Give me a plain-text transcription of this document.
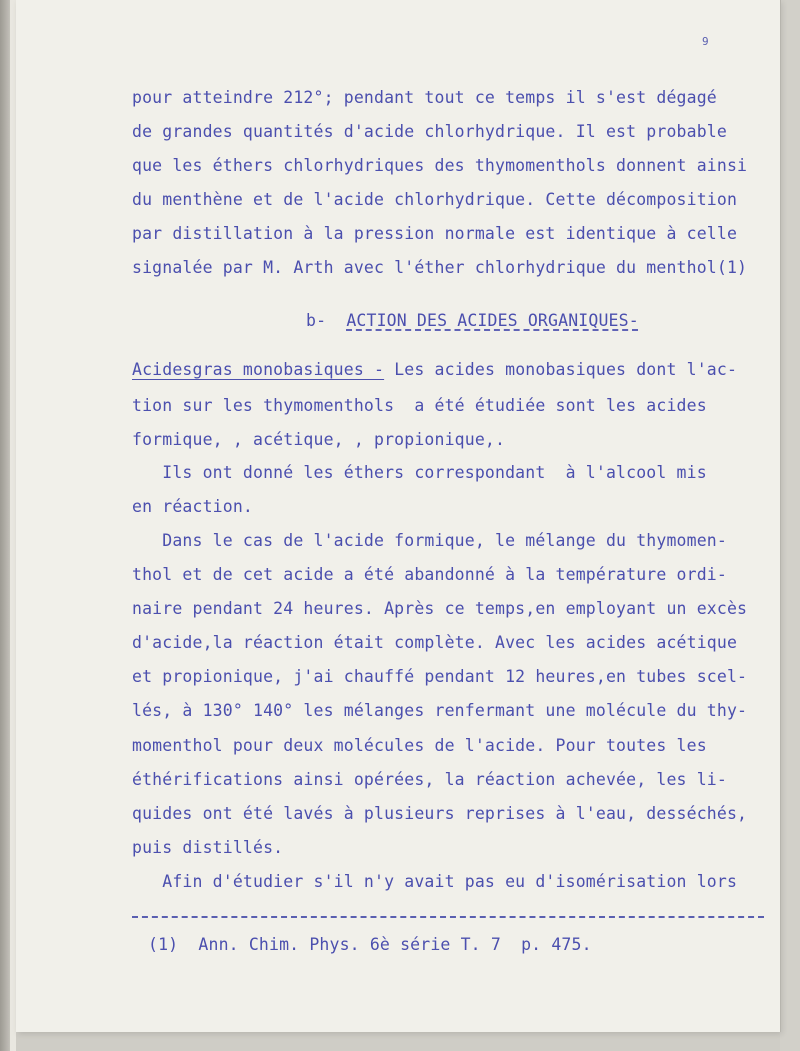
9
pour atteindre 212°; pendant tout ce temps il s'est dégagé
de grandes quantités d'acide chlorhydrique. Il est probable
que les éthers chlorhydriques des thymomenthols donnent ainsi
du menthène et de l'acide chlorhydrique. Cette décomposition
par distillation à la pression normale est identique à celle
signalée par M. Arth avec l'éther chlorhydrique du menthol(1)
b- ACTION DES ACIDES ORGANIQUES-
Acidesgras monobasiques - Les acides monobasiques dont l'ac-
tion sur les thymomenthols  a été étudiée sont les acides
formique, , acétique, , propionique,.
Ils ont donné les éthers correspondant  à l'alcool mis
en réaction.
Dans le cas de l'acide formique, le mélange du thymomen-
thol et de cet acide a été abandonné à la température ordi-
naire pendant 24 heures. Après ce temps,en employant un excès
d'acide,la réaction était complète. Avec les acides acétique
et propionique, j'ai chauffé pendant 12 heures,en tubes scel-
lés, à 130° 140° les mélanges renfermant une molécule du thy-
momenthol pour deux molécules de l'acide. Pour toutes les
éthérifications ainsi opérées, la réaction achevée, les li-
quides ont été lavés à plusieurs reprises à l'eau, desséchés,
puis distillés.
Afin d'étudier s'il n'y avait pas eu d'isomérisation lors
(1)  Ann. Chim. Phys. 6è série T. 7  p. 475.
